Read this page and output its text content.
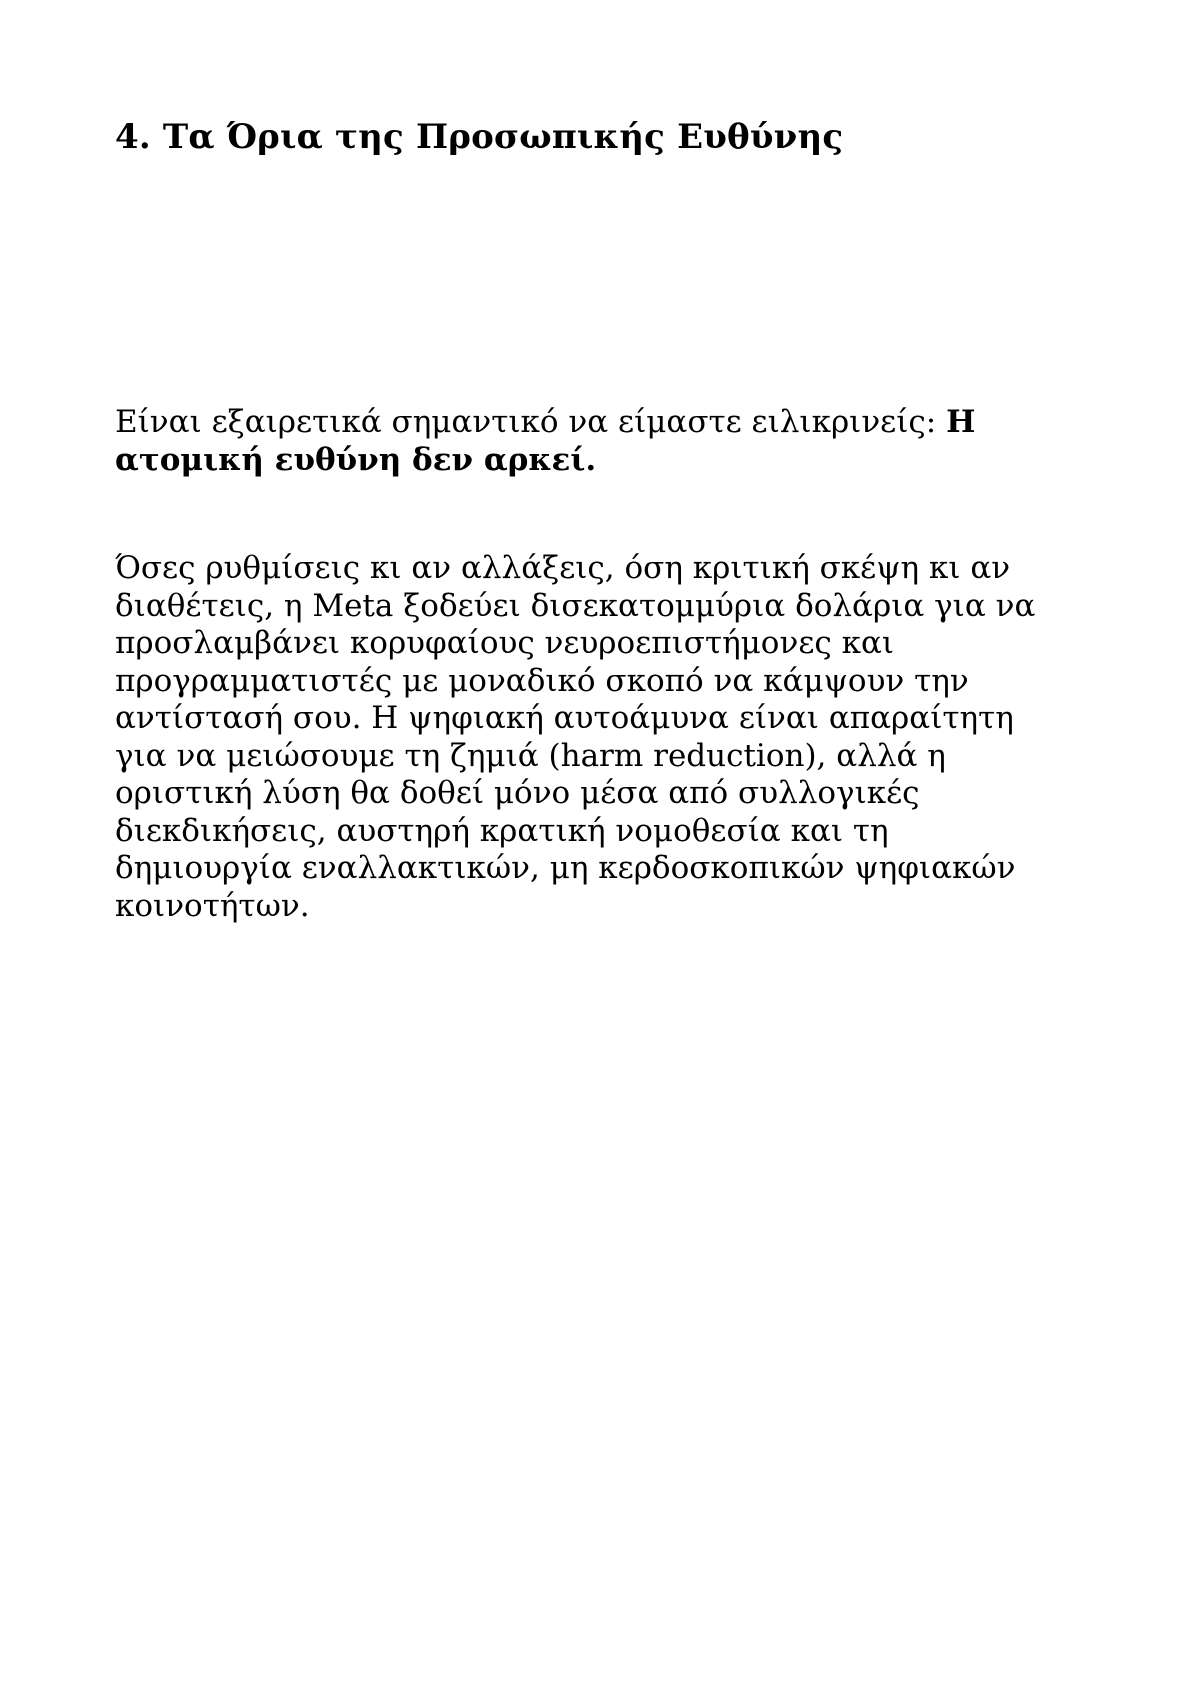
4. Τα Όρια της Προσωπικής Ευθύνης

Είναι εξαιρετικά σημαντικό να είμαστε ειλικρινείς: Η ατομική ευθύνη δεν αρκεί.

Όσες ρυθμίσεις κι αν αλλάξεις, όση κριτική σκέψη κι αν διαθέτεις, η Meta ξοδεύει δισεκατομμύρια δολάρια για να προσλαμβάνει κορυφαίους νευροεπιστήμονες και προγραμματιστές με μοναδικό σκοπό να κάμψουν την αντίστασή σου. Η ψηφιακή αυτοάμυνα είναι απαραίτητη για να μειώσουμε τη ζημιά (harm reduction), αλλά η οριστική λύση θα δοθεί μόνο μέσα από συλλογικές διεκδικήσεις, αυστηρή κρατική νομοθεσία και τη δημιουργία εναλλακτικών, μη κερδοσκοπικών ψηφιακών κοινοτήτων.
